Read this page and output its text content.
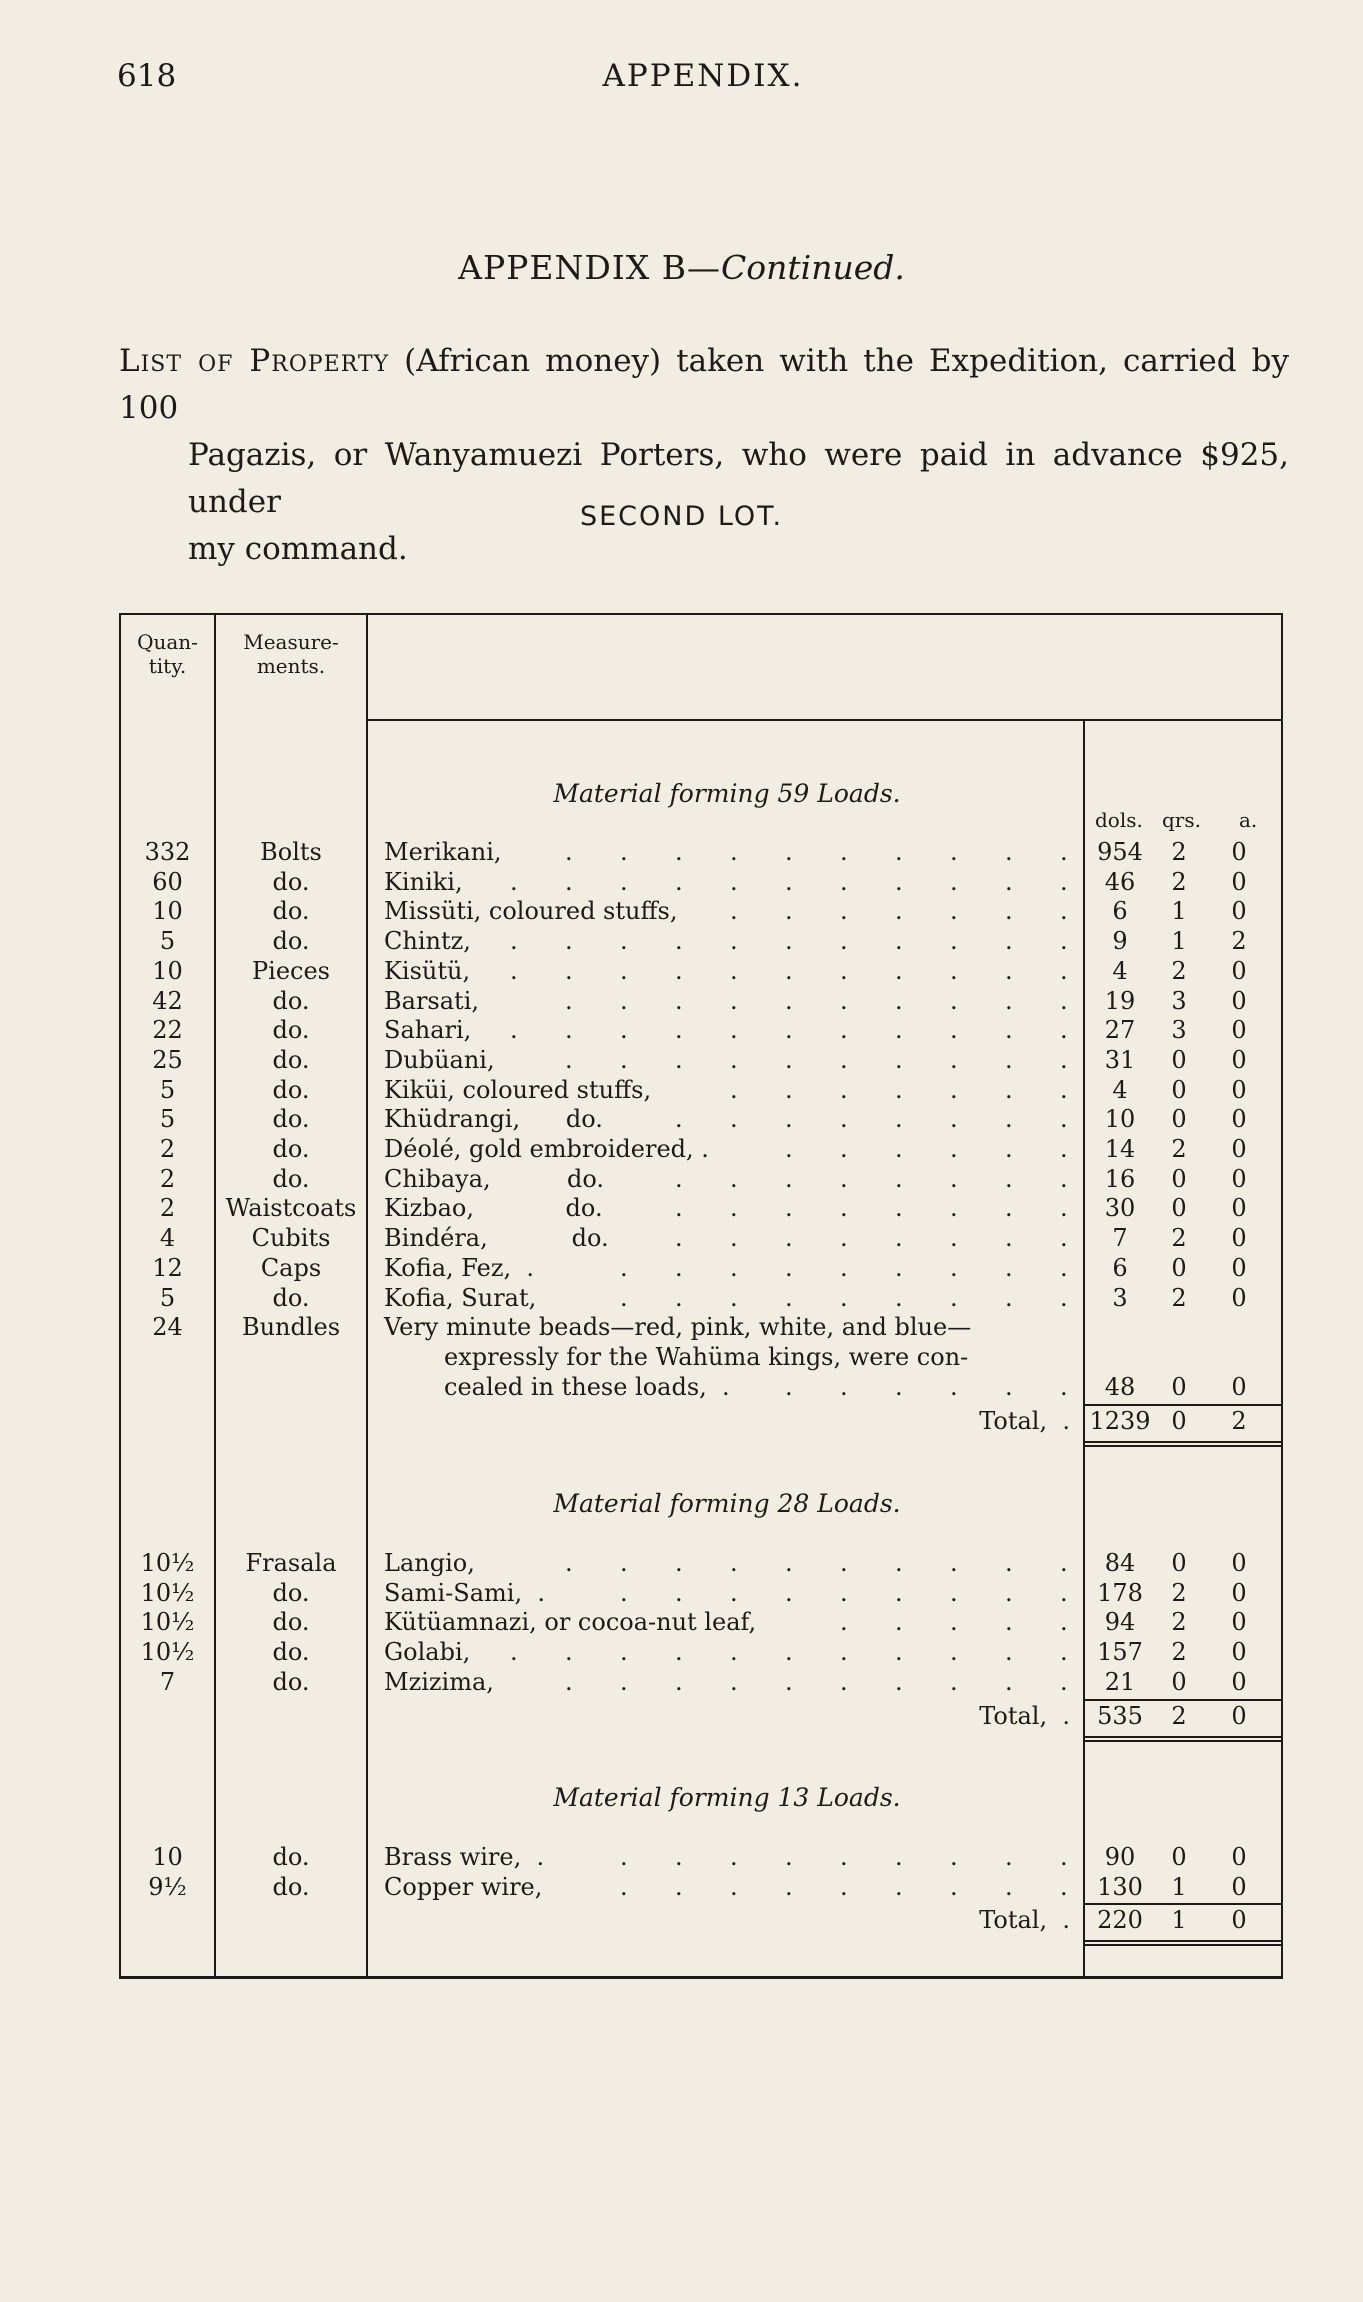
618	APPENDIX.
APPENDIX B—Continued.
List of Property (African money) taken with the Expedition, carried by 100
Pagazis, or Wanyamuezi Porters, who were paid in advance $925, under
my command.
SECOND LOT.
Quan-
tity.
Measure-
ments.
Material forming 59 Loads.
dols. qrs. a.
332	Bolts	Merikani,	. . . . . . . . . .	954	2	0
60	do.	Kiniki, . . . . . . . . . . .	46	2	0
10	do.	Missüti, coloured stuffs, . . . . . . .	6	1	0
5	do.	Chintz, . . . . . . . . . . .	9	1	2
10	Pieces	Kisütü, . . . . . . . . . . .	4	2	0
42	do.	Barsati,	. . . . . . . . . .	19	3	0
22	do.	Sahari, . . . . . . . . . . .	27	3	0
25	do.	Dubüani,	. . . . . . . . . .	31	0	0
5	do.	Kiküi, coloured stuffs,	. . . . . . .	4	0	0
5	do.	Khüdrangi,      do.	. . . . . . . .	10	0	0
2	do.	Déolé, gold embroidered, .	. . . . . .	14	2	0
2	do.	Chibaya,          do.	. . . . . . . .	16	0	0
2	Waistcoats	Kizbao,            do.	. . . . . . . .	30	0	0
4	Cubits	Bindéra,           do.	. . . . . . . .	7	2	0
12	Caps	Kofia, Fez,  .	. . . . . . . . .	6	0	0
5	do.	Kofia, Surat,	. . . . . . . . .	3	2	0
24	Bundles	Very minute beads—red, pink, white, and blue—
expressly for the Wahüma kings, were con-
cealed in these loads,  . . . . . . .	48	0	0
Total,  . 1239 0	2
Material forming 28 Loads.
10½	Frasala	Langio,	. . . . . . . . . .	84	0	0
10½	do.	Sami-Sami,  .	. . . . . . . . .	178	2	0
10½	do.	Kütüamnazi, or cocoa-nut leaf,	. . . . .	94	2	0
10½	do.	Golabi, . . . . . . . . . . .	157	2	0
7	do.	Mzizima,	. . . . . . . . . .	21	0	0
Total,  .	535	2	0
Material forming 13 Loads.
10	do.	Brass wire,  .	. . . . . . . . .	90	0	0
9½	do.	Copper wire,	. . . . . . . . .	130	1	0
Total,  .	220	1	0
